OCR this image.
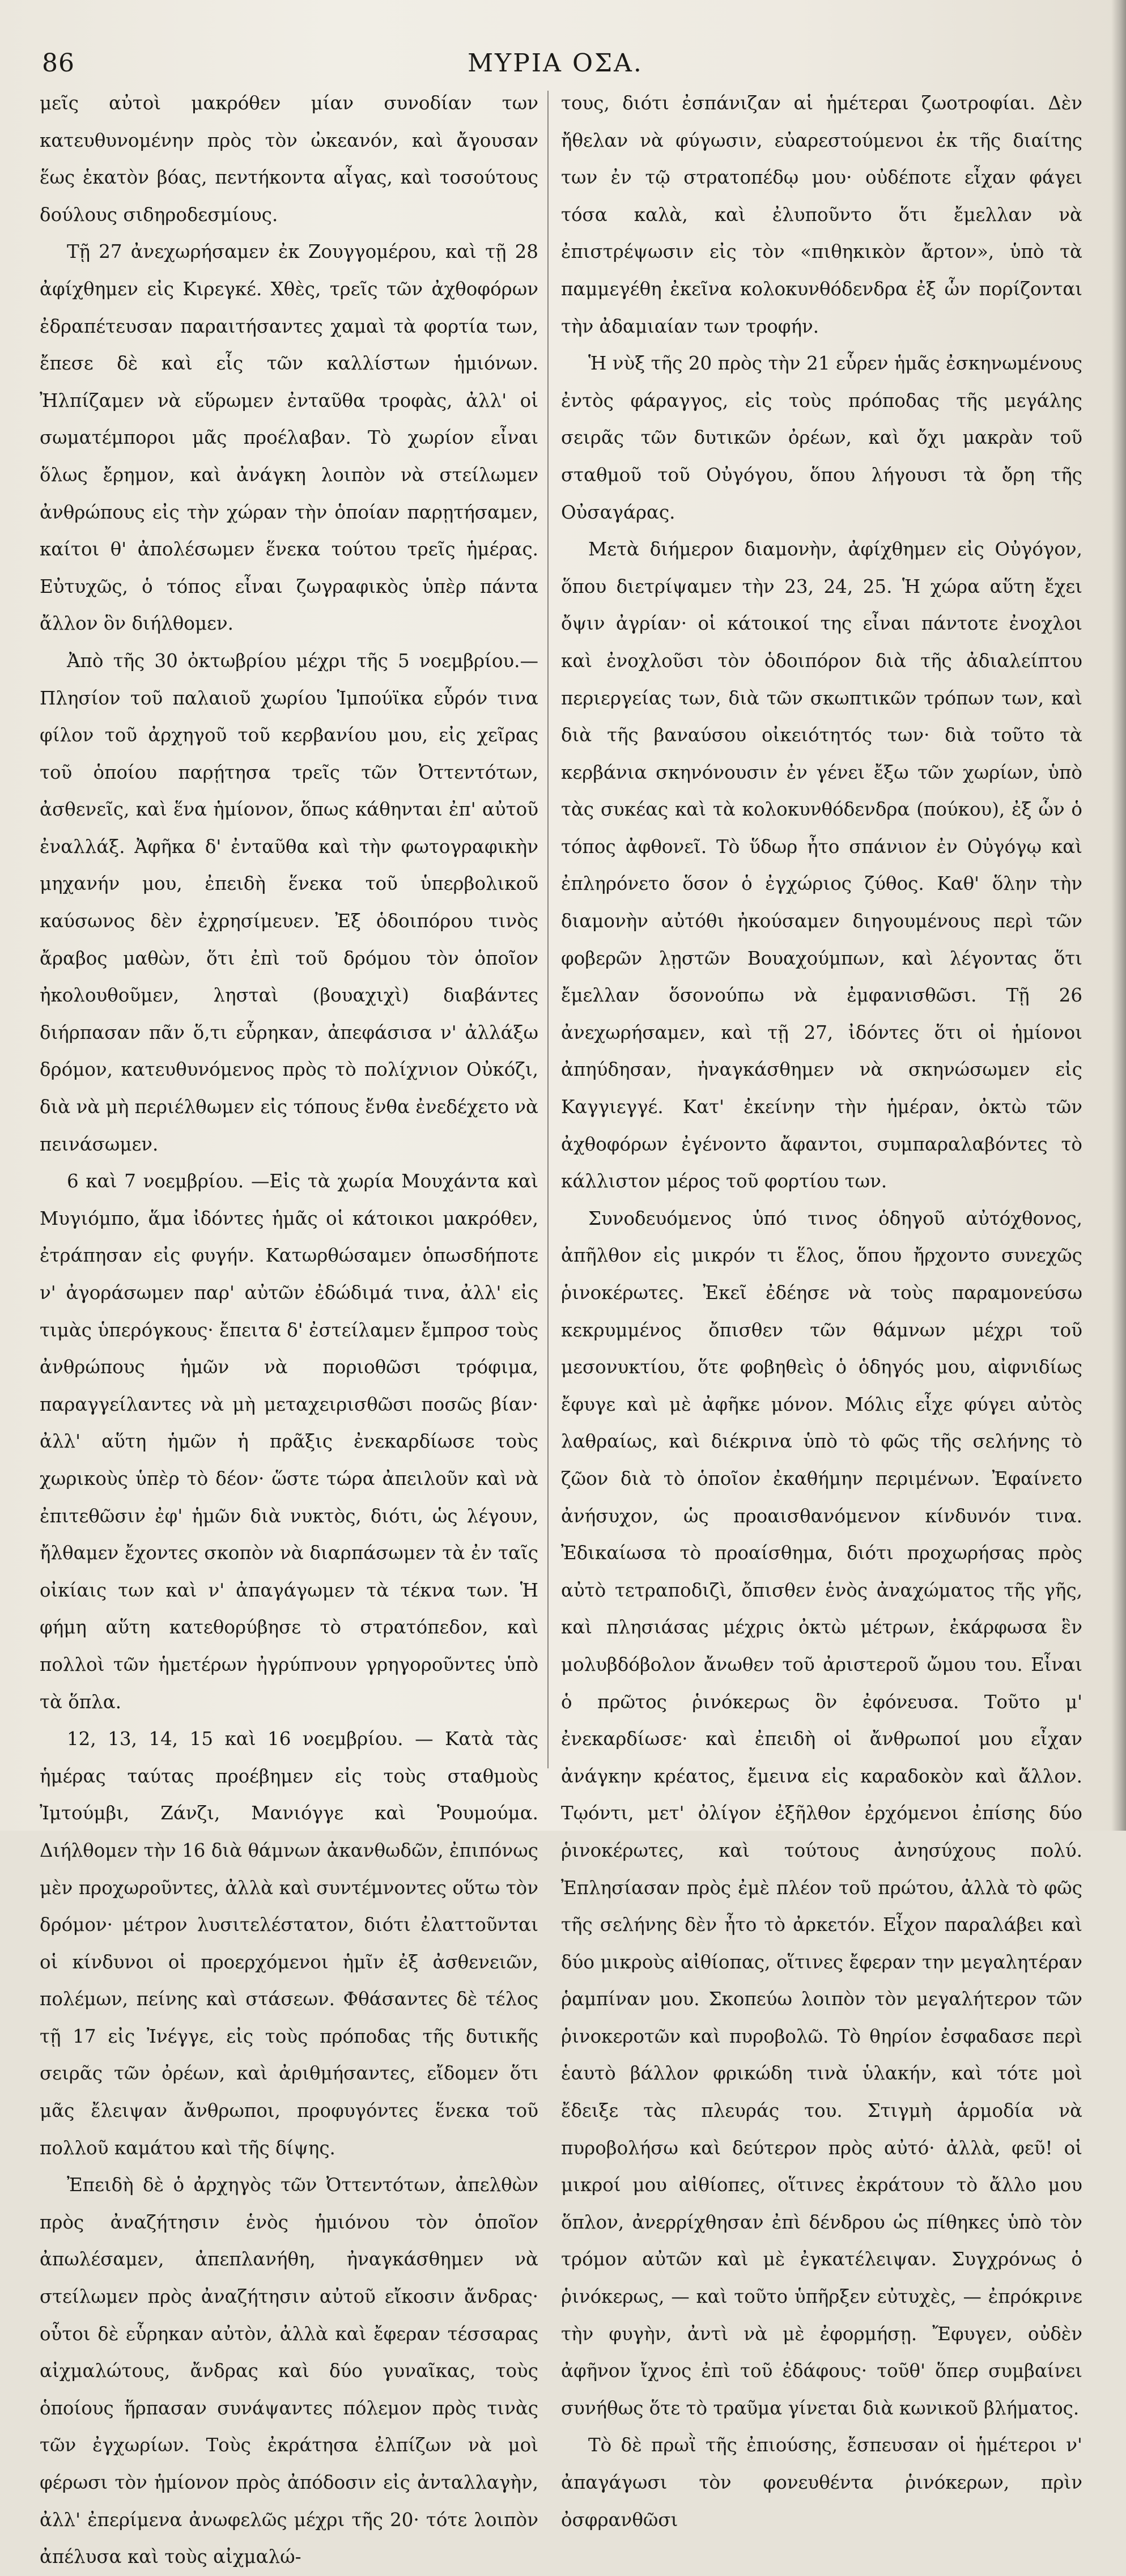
86	ΜΥΡΙΑ ΟΣΑ.

μεῖς αὐτοὶ μακρόθεν μίαν συνοδίαν των κατευθυνομένην πρὸς τὸν ὠκεανόν, καὶ ἄγουσαν ἕως ἑκατὸν βόας, πεντήκοντα αἶγας, καὶ τοσούτους δούλους σιδηροδεσμίους.

Τῇ 27 ἀνεχωρήσαμεν ἐκ Ζουγγομέρου, καὶ τῇ 28 ἀφίχθημεν εἰς Κιρεγκέ. Χθὲς, τρεῖς τῶν ἀχθοφόρων ἐδραπέτευσαν παραιτήσαντες χαμαὶ τὰ φορτία των, ἔπεσε δὲ καὶ εἷς τῶν καλλίστων ἡμιόνων. Ἠλπίζαμεν νὰ εὕρωμεν ἐνταῦθα τροφὰς, ἀλλ' οἱ σωματέμποροι μᾶς προέλαβαν. Τὸ χωρίον εἶναι ὅλως ἔρημον, καὶ ἀνάγκη λοιπὸν νὰ στείλωμεν ἀνθρώπους εἰς τὴν χώραν τὴν ὁποίαν παρῃτήσαμεν, καίτοι θ' ἀπολέσωμεν ἕνεκα τούτου τρεῖς ἡμέρας. Εὐτυχῶς, ὁ τόπος εἶναι ζωγραφικὸς ὑπὲρ πάντα ἄλλον ὃν διήλθομεν.

Ἀπὸ τῆς 30 ὀκτωβρίου μέχρι τῆς 5 νοεμβρίου.— Πλησίον τοῦ παλαιοῦ χωρίου Ἱμπούϊκα εὗρόν τινα φίλον τοῦ ἀρχηγοῦ τοῦ κερβανίου μου, εἰς χεῖρας τοῦ ὁποίου παρῄτησα τρεῖς τῶν Ὀττεντότων, ἀσθενεῖς, καὶ ἕνα ἡμίονον, ὅπως κάθηνται ἐπ' αὐτοῦ ἐναλλάξ. Ἀφῆκα δ' ἐνταῦθα καὶ τὴν φωτογραφικὴν μηχανήν μου, ἐπειδὴ ἕνεκα τοῦ ὑπερβολικοῦ καύσωνος δὲν ἐχρησίμευεν. Ἐξ ὁδοιπόρου τινὸς ἄραβος μαθὼν, ὅτι ἐπὶ τοῦ δρόμου τὸν ὁποῖον ἠκολουθοῦμεν, λησταὶ (βουαχιχὶ) διαβάντες διήρπασαν πᾶν ὅ,τι εὗρηκαν, ἀπεφάσισα ν' ἀλλάξω δρόμον, κατευθυνόμενος πρὸς τὸ πολίχνιον Οὐκόζι, διὰ νὰ μὴ περιέλθωμεν εἰς τόπους ἔνθα ἐνεδέχετο νὰ πεινάσωμεν.

6 καὶ 7 νοεμβρίου. —Εἰς τὰ χωρία Μουχάντα καὶ Μυγιόμπο, ἅμα ἰδόντες ἡμᾶς οἱ κάτοικοι μακρόθεν, ἐτράπησαν εἰς φυγήν. Κατωρθώσαμεν ὁπωσδήποτε ν' ἀγοράσωμεν παρ' αὐτῶν ἐδώδιμά τινα, ἀλλ' εἰς τιμὰς ὑπερόγκους· ἔπειτα δ' ἐστείλαμεν ἔμπροσ τοὺς ἀνθρώπους ἡμῶν νὰ ποριοθῶσι τρόφιμα, παραγγείλαντες νὰ μὴ μεταχειρισθῶσι ποσῶς βίαν· ἀλλ' αὕτη ἡμῶν ἡ πρᾶξις ἐνεκαρδίωσε τοὺς χωρικοὺς ὑπὲρ τὸ δέον· ὥστε τώρα ἀπειλοῦν καὶ νὰ ἐπιτεθῶσιν ἐφ' ἡμῶν διὰ νυκτὸς, διότι, ὡς λέγουν, ἤλθαμεν ἔχοντες σκοπὸν νὰ διαρπάσωμεν τὰ ἐν ταῖς οἰκίαις των καὶ ν' ἀπαγάγωμεν τὰ τέκνα των. Ἡ φήμη αὕτη κατεθορύβησε τὸ στρατόπεδον, καὶ πολλοὶ τῶν ἡμετέρων ἠγρύπνουν γρηγοροῦντες ὑπὸ τὰ ὅπλα.

12, 13, 14, 15 καὶ 16 νοεμβρίου. — Κατὰ τὰς ἡμέρας ταύτας προέβημεν εἰς τοὺς σταθμοὺς Ἰμτούμβι, Ζάνζι, Μανιόγγε καὶ Ῥουμούμα. Διήλθομεν τὴν 16 διὰ θάμνων ἀκανθωδῶν, ἐπιπόνως μὲν προχωροῦντες, ἀλλὰ καὶ συντέμνοντες οὕτω τὸν δρόμον· μέτρον λυσιτελέστατον, διότι ἐλαττοῦνται οἱ κίνδυνοι οἱ προερχόμενοι ἡμῖν ἐξ ἀσθενειῶν, πολέμων, πείνης καὶ στάσεων. Φθάσαντες δὲ τέλος τῇ 17 εἰς Ἰνέγγε, εἰς τοὺς πρόποδας τῆς δυτικῆς σειρᾶς τῶν ὀρέων, καὶ ἀριθμήσαντες, εἴδομεν ὅτι μᾶς ἔλειψαν ἄνθρωποι, προφυγόντες ἕνεκα τοῦ πολλοῦ καμάτου καὶ τῆς δίψης.

Ἐπειδὴ δὲ ὁ ἀρχηγὸς τῶν Ὀττεντότων, ἀπελθὼν πρὸς ἀναζήτησιν ἑνὸς ἡμιόνου τὸν ὁποῖον ἀπωλέσαμεν, ἀπεπλανήθη, ἠναγκάσθημεν νὰ στείλωμεν πρὸς ἀναζήτησιν αὐτοῦ εἴκοσιν ἄνδρας· οὗτοι δὲ εὗρηκαν αὐτὸν, ἀλλὰ καὶ ἔφεραν τέσσαρας αἰχμαλώτους, ἄνδρας καὶ δύο γυναῖκας, τοὺς ὁποίους ἥρπασαν συνάψαντες πόλεμον πρὸς τινὰς τῶν ἐγχωρίων. Τοὺς ἐκράτησα ἐλπίζων νὰ μοὶ φέρωσι τὸν ἡμίονον πρὸς ἀπόδοσιν εἰς ἀνταλλαγὴν, ἀλλ' ἐπερίμενα ἀνωφελῶς μέχρι τῆς 20· τότε λοιπὸν ἀπέλυσα καὶ τοὺς αἰχμαλώ-

τους, διότι ἐσπάνιζαν αἱ ἡμέτεραι ζωοτροφίαι. Δὲν ἤθελαν νὰ φύγωσιν, εὐαρεστούμενοι ἐκ τῆς διαίτης των ἐν τῷ στρατοπέδῳ μου· οὐδέποτε εἶχαν φάγει τόσα καλὰ, καὶ ἐλυποῦντο ὅτι ἔμελλαν νὰ ἐπιστρέψωσιν εἰς τὸν «πιθηκικὸν ἄρτον», ὑπὸ τὰ παμμεγέθη ἐκεῖνα κολοκυνθόδενδρα ἐξ ὧν πορίζονται τὴν ἀδαμιαίαν των τροφήν.

Ἡ νὺξ τῆς 20 πρὸς τὴν 21 εὗρεν ἡμᾶς ἐσκηνωμένους ἐντὸς φάραγγος, εἰς τοὺς πρόποδας τῆς μεγάλης σειρᾶς τῶν δυτικῶν ὀρέων, καὶ ὄχι μακρὰν τοῦ σταθμοῦ τοῦ Οὐγόγου, ὅπου λήγουσι τὰ ὄρη τῆς Οὐσαγάρας.

Μετὰ διήμερον διαμονὴν, ἀφίχθημεν εἰς Οὐγόγον, ὅπου διετρίψαμεν τὴν 23, 24, 25. Ἡ χώρα αὕτη ἔχει ὄψιν ἀγρίαν· οἱ κάτοικοί της εἶναι πάντοτε ἐνοχλοι καὶ ἐνοχλοῦσι τὸν ὁδοιπόρον διὰ τῆς ἀδιαλείπτου περιεργείας των, διὰ τῶν σκωπτικῶν τρόπων των, καὶ διὰ τῆς βαναύσου οἰκειότητός των· διὰ τοῦτο τὰ κερβάνια σκηνόνουσιν ἐν γένει ἔξω τῶν χωρίων, ὑπὸ τὰς συκέας καὶ τὰ κολοκυνθόδενδρα (πούκου), ἐξ ὧν ὁ τόπος ἀφθονεῖ. Τὸ ὕδωρ ἦτο σπάνιον ἐν Οὐγόγῳ καὶ ἐπληρόνετο ὅσον ὁ ἐγχώριος ζύθος. Καθ' ὅλην τὴν διαμονὴν αὐτόθι ἠκούσαμεν διηγουμένους περὶ τῶν φοβερῶν λῃστῶν Βουαχούμπων, καὶ λέγοντας ὅτι ἔμελλαν ὅσονούπω νὰ ἐμφανισθῶσι. Τῇ 26 ἀνεχωρήσαμεν, καὶ τῇ 27, ἰδόντες ὅτι οἱ ἡμίονοι ἀπηύδησαν, ἠναγκάσθημεν νὰ σκηνώσωμεν εἰς Καγγιεγγέ. Κατ' ἐκείνην τὴν ἡμέραν, ὀκτὼ τῶν ἀχθοφόρων ἐγένοντο ἄφαντοι, συμπαραλαβόντες τὸ κάλλιστον μέρος τοῦ φορτίου των.

Συνοδευόμενος ὑπό τινος ὁδηγοῦ αὐτόχθονος, ἀπῆλθον εἰς μικρόν τι ἕλος, ὅπου ἤρχοντο συνεχῶς ῥινοκέρωτες. Ἐκεῖ ἐδέησε νὰ τοὺς παραμονεύσω κεκρυμμένος ὄπισθεν τῶν θάμνων μέχρι τοῦ μεσονυκτίου, ὅτε φοβηθεὶς ὁ ὁδηγός μου, αἰφνιδίως ἔφυγε καὶ μὲ ἀφῆκε μόνον. Μόλις εἶχε φύγει αὐτὸς λαθραίως, καὶ διέκρινα ὑπὸ τὸ φῶς τῆς σελήνης τὸ ζῶον διὰ τὸ ὁποῖον ἐκαθήμην περιμένων. Ἐφαίνετο ἀνήσυχον, ὡς προαισθανόμενον κίνδυνόν τινα. Ἐδικαίωσα τὸ προαίσθημα, διότι προχωρήσας πρὸς αὐτὸ τετραποδιζὶ, ὄπισθεν ἑνὸς ἀναχώματος τῆς γῆς, καὶ πλησιάσας μέχρις ὀκτὼ μέτρων, ἐκάρφωσα ἓν μολυβδόβολον ἄνωθεν τοῦ ἀριστεροῦ ὤμου του. Εἶναι ὁ πρῶτος ῥινόκερως ὃν ἐφόνευσα. Τοῦτο μ' ἐνεκαρδίωσε· καὶ ἐπειδὴ οἱ ἄνθρωποί μου εἶχαν ἀνάγκην κρέατος, ἔμεινα εἰς καραδοκὸν καὶ ἄλλον. Τῳόντι, μετ' ὀλίγον ἐξῆλθον ἐρχόμενοι ἐπίσης δύο ῥινοκέρωτες, καὶ τούτους ἀνησύχους πολύ. Ἐπλησίασαν πρὸς ἐμὲ πλέον τοῦ πρώτου, ἀλλὰ τὸ φῶς τῆς σελήνης δὲν ἦτο τὸ ἀρκετόν. Εἶχον παραλάβει καὶ δύο μικροὺς αἰθίοπας, οἵτινες ἔφεραν την μεγαλητέραν ῥαμπίναν μου. Σκοπεύω λοιπὸν τὸν μεγαλήτερον τῶν ῥινοκεροτῶν καὶ πυροβολῶ. Τὸ θηρίον ἐσφαδασε περὶ ἑαυτὸ βάλλον φρικώδη τινὰ ὑλακήν, καὶ τότε μοὶ ἔδειξε τὰς πλευράς του. Στιγμὴ ἁρμοδία νὰ πυροβολήσω καὶ δεύτερον πρὸς αὐτό· ἀλλὰ, φεῦ! οἱ μικροί μου αἰθίοπες, οἵτινες ἐκράτουν τὸ ἄλλο μου ὅπλον, ἀνερρίχθησαν ἐπὶ δένδρου ὡς πίθηκες ὑπὸ τὸν τρόμον αὐτῶν καὶ μὲ ἐγκατέλειψαν. Συγχρόνως ὁ ῥινόκερως, — καὶ τοῦτο ὑπῆρξεν εὐτυχὲς, — ἐπρόκρινε τὴν φυγὴν, ἀντὶ νὰ μὲ ἐφορμήσῃ. Ἔφυγεν, οὐδὲν ἀφῆνον ἴχνος ἐπὶ τοῦ ἐδάφους· τοῦθ' ὅπερ συμβαίνει συνήθως ὅτε τὸ τραῦμα γίνεται διὰ κωνικοῦ βλήματος.

Τὸ δὲ πρωῒ τῆς ἐπιούσης, ἔσπευσαν οἱ ἡμέτεροι ν' ἀπαγάγωσι τὸν φονευθέντα ῥινόκερων, πρὶν ὀσφρανθῶσι
